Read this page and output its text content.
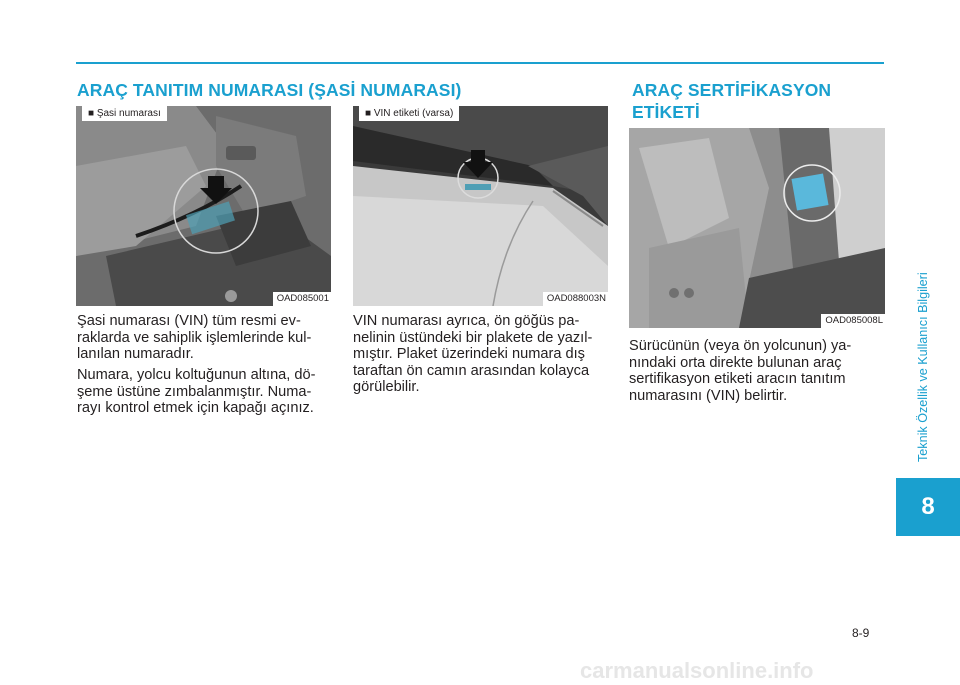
ARAÇ TANITIM NUMARASI (ŞASİ NUMARASI)	ARAÇ SERTİFİKASYON
ETİKETİ
■ Şasi numarası
OAD085001
■ VIN etiketi (varsa)
OAD088003N
OAD085008L
Şasi numarası (VIN) tüm resmi ev-
raklarda ve sahiplik işlemlerinde kul-
lanılan numaradır.
Numara, yolcu koltuğunun altına, dö-
şeme üstüne zımbalanmıştır. Numa-
rayı kontrol etmek için kapağı açınız.
VIN numarası ayrıca, ön göğüs pa-
nelinin üstündeki bir plakete de yazıl-
mıştır. Plaket üzerindeki numara dış
taraftan ön camın arasından kolayca
görülebilir.
Sürücünün (veya ön yolcunun) ya-
nındaki orta direkte bulunan araç
sertifikasyon etiketi aracın tanıtım
numarasını (VIN) belirtir.	Teknik Özellik ve Kullanıcı Bilgileri
8
8-9
carmanualsonline.info
